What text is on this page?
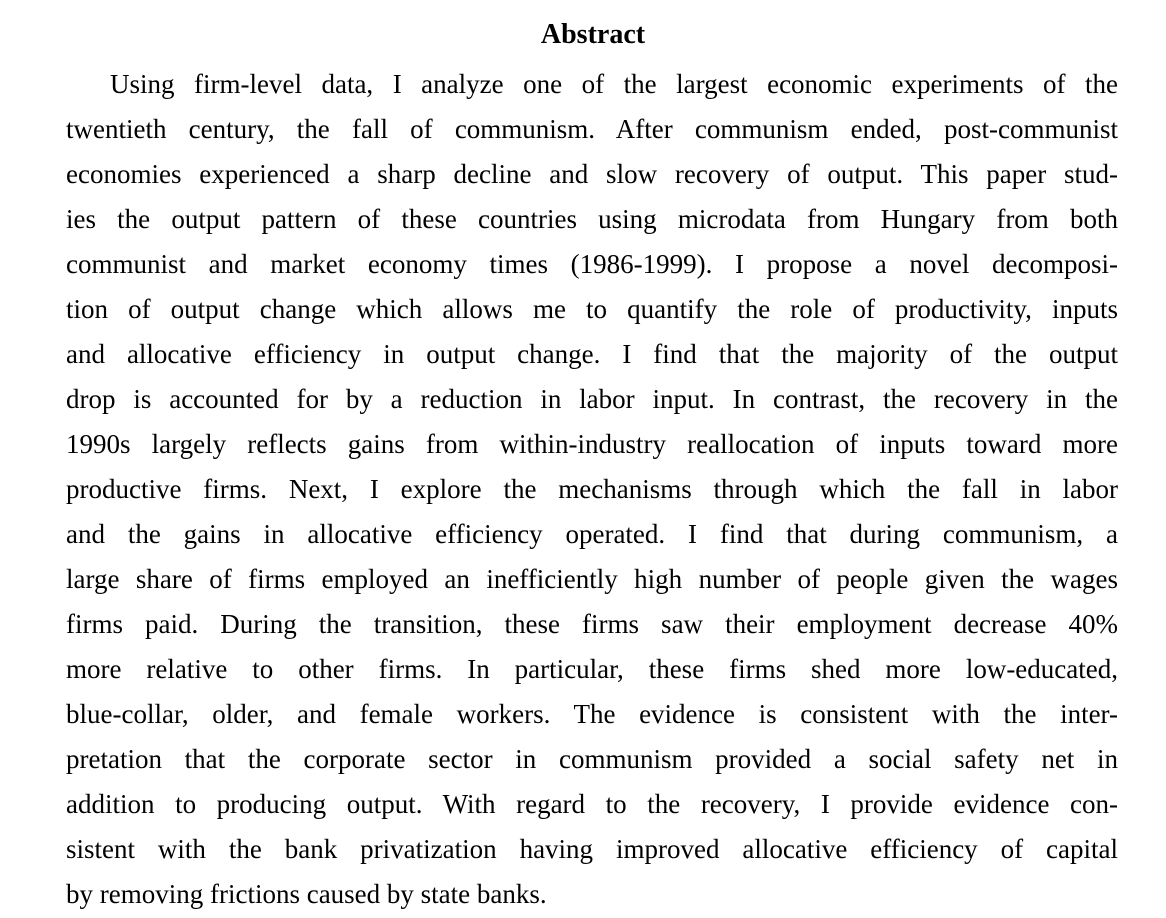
Abstract
Using firm-level data, I analyze one of the largest economic experiments of the
twentieth century, the fall of communism. After communism ended, post-communist
economies experienced a sharp decline and slow recovery of output. This paper stud-
ies the output pattern of these countries using microdata from Hungary from both
communist and market economy times (1986-1999). I propose a novel decomposi-
tion of output change which allows me to quantify the role of productivity, inputs
and allocative efficiency in output change. I find that the majority of the output
drop is accounted for by a reduction in labor input. In contrast, the recovery in the
1990s largely reflects gains from within-industry reallocation of inputs toward more
productive firms. Next, I explore the mechanisms through which the fall in labor
and the gains in allocative efficiency operated. I find that during communism, a
large share of firms employed an inefficiently high number of people given the wages
firms paid. During the transition, these firms saw their employment decrease 40%
more relative to other firms. In particular, these firms shed more low-educated,
blue-collar, older, and female workers. The evidence is consistent with the inter-
pretation that the corporate sector in communism provided a social safety net in
addition to producing output. With regard to the recovery, I provide evidence con-
sistent with the bank privatization having improved allocative efficiency of capital
by removing frictions caused by state banks.
